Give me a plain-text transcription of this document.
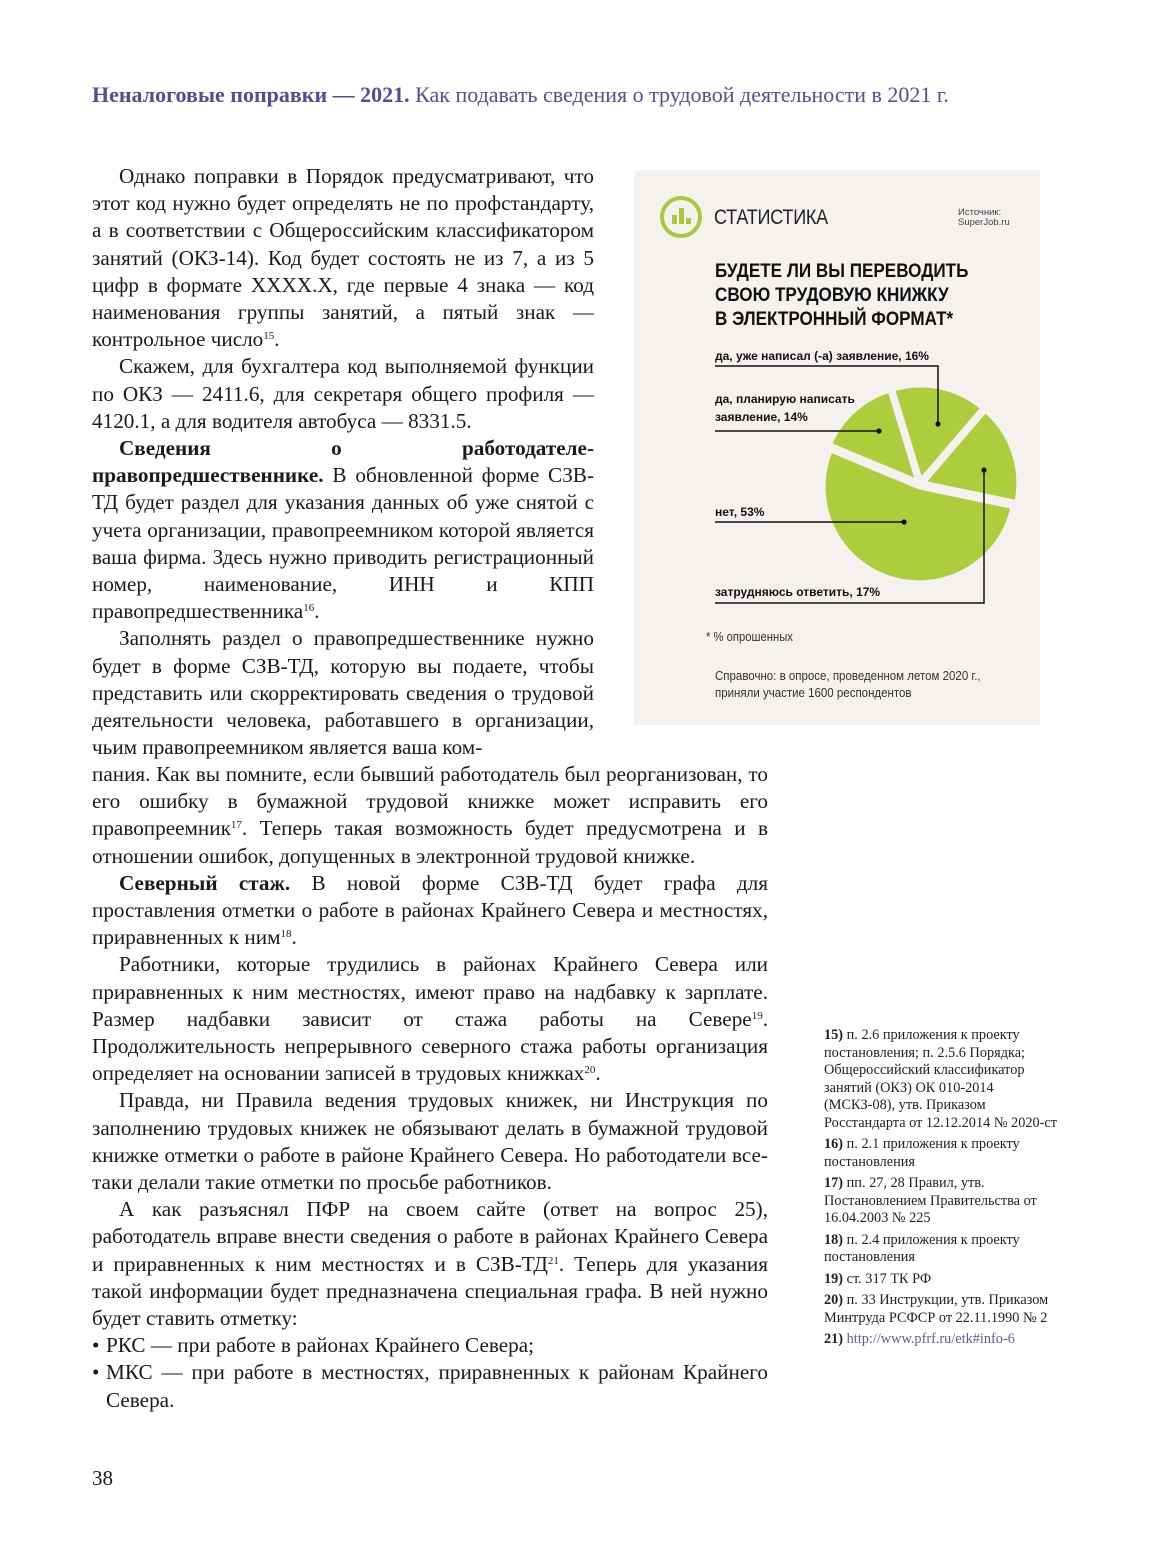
Неналоговые поправки — 2021. Как подавать сведения о трудовой деятельности в 2021 г.

Однако поправки в Порядок предусматривают, что этот код нужно будет определять не по профстандарту, а в соответствии с Общероссийским классификатором занятий (ОКЗ-14). Код будет состоять не из 7, а из 5 цифр в формате XXXX.X, где первые 4 знака — код наименования группы занятий, а пятый знак — контрольное число$^{15}$.

Скажем, для бухгалтера код выполняемой функции по ОКЗ — 2411.6, для секретаря общего профиля — 4120.1, а для водителя автобуса — 8331.5.

Сведения о работодателе-правопредшественнике. В обновленной форме СЗВ-ТД будет раздел для указания данных об уже снятой с учета организации, правопреемником которой является ваша фирма. Здесь нужно приводить регистрационный номер, наименование, ИНН и КПП правопредшественника$^{16}$.

Заполнять раздел о правопредшественнике нужно будет в форме СЗВ-ТД, которую вы подаете, чтобы представить или скорректировать сведения о трудовой деятельности человека, работавшего в организации, чьим правопреемником является ваша ком-

пания. Как вы помните, если бывший работодатель был реорганизован, то его ошибку в бумажной трудовой книжке может исправить его правопреемник$^{17}$. Теперь такая возможность будет предусмотрена и в отношении ошибок, допущенных в электронной трудовой книжке.

Северный стаж. В новой форме СЗВ-ТД будет графа для проставления отметки о работе в районах Крайнего Севера и местностях, приравненных к ним$^{18}$.

Работники, которые трудились в районах Крайнего Севера или приравненных к ним местностях, имеют право на надбавку к зарплате. Размер надбавки зависит от стажа работы на Севере$^{19}$. Продолжительность непрерывного северного стажа работы организация определяет на основании записей в трудовых книжках$^{20}$.

Правда, ни Правила ведения трудовых книжек, ни Инструкция по заполнению трудовых книжек не обязывают делать в бумажной трудовой книжке отметки о работе в районе Крайнего Севера. Но работодатели все-таки делали такие отметки по просьбе работников.

А как разъяснял ПФР на своем сайте (ответ на вопрос 25), работодатель вправе внести сведения о работе в районах Крайнего Севера и приравненных к ним местностях и в СЗВ-ТД$^{21}$. Теперь для указания такой информации будет предназначена специальная графа. В ней нужно будет ставить отметку:

• РКС — при работе в районах Крайнего Севера;
• МКС — при работе в местностях, приравненных к районам Крайнего Севера.
СТАТИСТИКА	Источник:
SuperJob.ru
БУДЕТЕ ЛИ ВЫ ПЕРЕВОДИТЬ
СВОЮ ТРУДОВУЮ КНИЖКУ
В ЭЛЕКТРОННЫЙ ФОРМАТ*
да, уже написал (-а) заявление, 16%
да, планирую написать
заявление, 14%
нет, 53%
затрудняюсь ответить, 17%
* % опрошенных
Справочно: в опросе, проведенном летом 2020 г.,
приняли участие 1600 респондентов
15) п. 2.6 приложения к проекту постановления; п. 2.5.6 Порядка; Общероссийский классификатор занятий (ОКЗ) ОК 010-2014 (МСКЗ-08), утв. Приказом Росстандарта от 12.12.2014 № 2020-ст
16) п. 2.1 приложения к проекту постановления
17) пп. 27, 28 Правил, утв. Постановлением Правительства от 16.04.2003 № 225
18) п. 2.4 приложения к проекту постановления
19) ст. 317 ТК РФ
20) п. 33 Инструкции, утв. Приказом Минтруда РСФСР от 22.11.1990 № 2
21) http://www.pfrf.ru/etk#info-6
38
